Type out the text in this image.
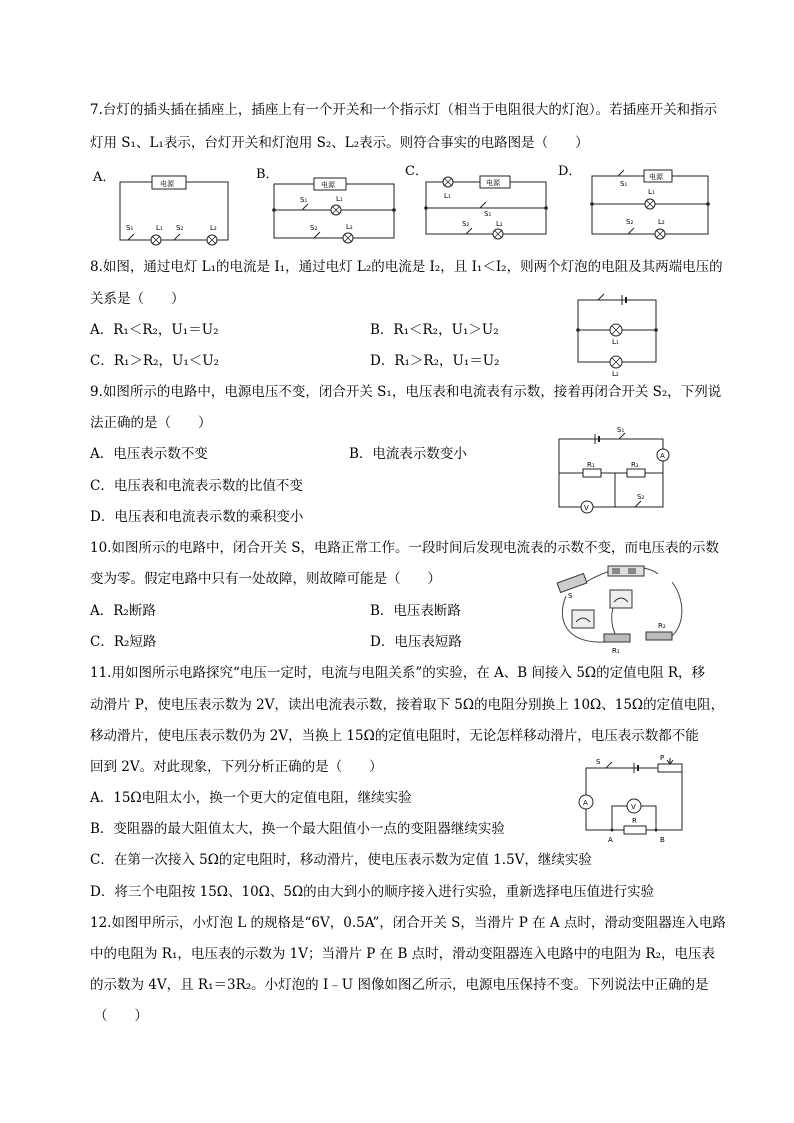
7.台灯的插头插在插座上，插座上有一个开关和一个指示灯（相当于电阻很大的灯泡）。若插座开关和指示
灯用 S₁、L₁表示，台灯开关和灯泡用 S₂、L₂表示。则符合事实的电路图是（　　）
A．	B．	C．	D．
电源
S₁	L₁ S₂	L₂
电源
S₁	L₁
S₂	L₂
电源
L₁
S₁
S₂	L₂
电源
S₁
L₁
S₂	L₂
8.如图，通过电灯 L₁的电流是 I₁，通过电灯 L₂的电流是 I₂，且 I₁＜I₂，则两个灯泡的电阻及其两端电压的
关系是（　　）
A．R₁＜R₂，U₁＝U₂	B．R₁＜R₂，U₁＞U₂
C．R₁＞R₂，U₁＜U₂	D．R₁＞R₂，U₁＝U₂
L₁
L₂
9.如图所示的电路中，电源电压不变，闭合开关 S₁，电压表和电流表有示数，接着再闭合开关 S₂，下列说
法正确的是（　　）
A．电压表示数不变	B．电流表示数变小
C．电压表和电流表示数的比值不变
D．电压表和电流表示数的乘积变小
S₁
A
R₁	R₂
V
S₂
10.如图所示的电路中，闭合开关 S，电路正常工作。一段时间后发现电流表的示数不变，而电压表的示数
变为零。假定电路中只有一处故障，则故障可能是（　　）
A．R₂断路	B．电压表断路
C．R₂短路	D．电压表短路
S
R₁
R₂
11.用如图所示电路探究“电压一定时，电流与电阻关系”的实验，在 A、B 间接入 5Ω的定值电阻 R，移
动滑片 P，使电压表示数为 2V，读出电流表示数，接着取下 5Ω的电阻分别换上 10Ω、15Ω的定值电阻，
移动滑片，使电压表示数仍为 2V，当换上 15Ω的定值电阻时，无论怎样移动滑片，电压表示数都不能
回到 2V。对此现象，下列分析正确的是（　　）
A．15Ω电阻太小，换一个更大的定值电阻，继续实验
B．变阻器的最大阻值太大，换一个最大阻值小一点的变阻器继续实验
C．在第一次接入 5Ω的定电阻时，移动滑片，使电压表示数为定值 1.5V，继续实验
D．将三个电阻按 15Ω、10Ω、5Ω的由大到小的顺序接入进行实验，重新选择电压值进行实验
S	P
A	V
R
A	B
12.如图甲所示，小灯泡 L 的规格是“6V，0.5A”，闭合开关 S，当滑片 P 在 A 点时，滑动变阻器连入电路
中的电阻为 R₁，电压表的示数为 1V；当滑片 P 在 B 点时，滑动变阻器连入电路中的电阻为 R₂，电压表
的示数为 4V，且 R₁＝3R₂。小灯泡的 I﹣U 图像如图乙所示，电源电压保持不变。下列说法中正确的是
（　　）
